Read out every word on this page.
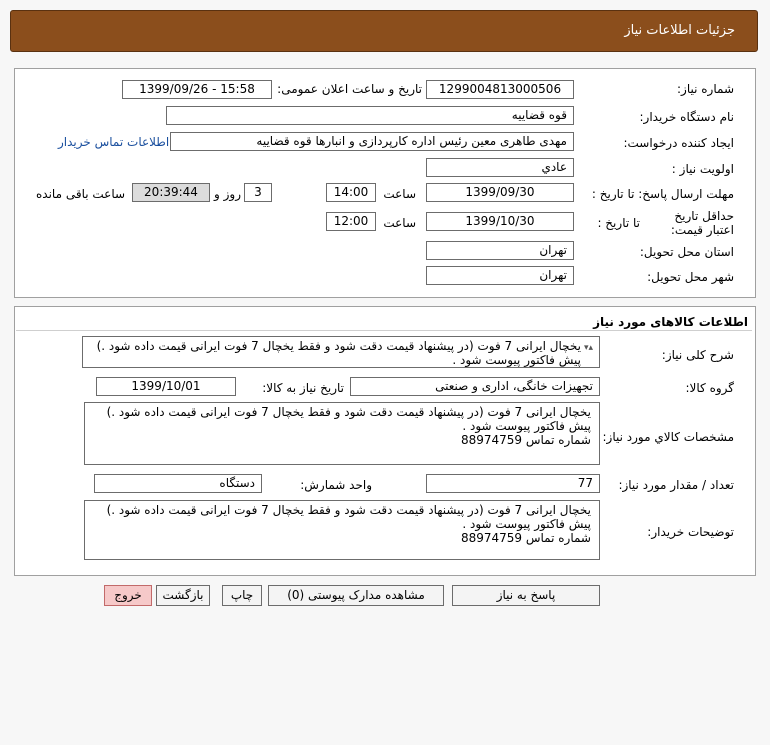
جزئیات اطلاعات نیاز
شماره نیاز:
1299004813000506
تاریخ و ساعت اعلان عمومی:
1399/09/26 - 15:58
نام دستگاه خریدار:
قوه قضاییه
ایجاد کننده درخواست:
مهدی طاهری معین رئیس اداره کارپردازی و انبارها قوه قضاییه
اطلاعات تماس خریدار
اولویت نیاز :
عادي
مهلت ارسال پاسخ: تا تاریخ :
1399/09/30
ساعت
14:00
3
روز و
20:39:44
ساعت باقی مانده
حداقل تاریخ اعتبار قیمت:
تا تاریخ :
1399/10/30
ساعت
12:00
استان محل تحویل:
تهران
شهر محل تحویل:
تهران
اطلاعات کالاهای مورد نیاز
شرح کلی نیاز:
▴▾
یخچال ایرانی 7 فوت (در پیشنهاد قیمت دقت شود و فقط یخچال 7 فوت ایرانی قیمت داده شود .)
پیش فاکتور پیوست شود .
گروه کالا:
تجهیزات خانگی، اداری و صنعتی
تاریخ نیاز به کالا:
1399/10/01
مشخصات کالاي مورد نياز:
یخچال ایرانی 7 فوت (در پیشنهاد قیمت دقت شود و فقط یخچال 7 فوت ایرانی قیمت داده شود .)
پیش فاکتور پیوست شود .
شماره تماس 88974759
تعداد / مقدار مورد نیاز:
77
واحد شمارش:
دستگاه
توضیحات خریدار:
یخچال ایرانی 7 فوت (در پیشنهاد قیمت دقت شود و فقط یخچال 7 فوت ایرانی قیمت داده شود .)
پیش فاکتور پیوست شود .
شماره تماس 88974759
پاسخ به نیاز
مشاهده مدارک پیوستی (0)
چاپ
بازگشت
خروج
